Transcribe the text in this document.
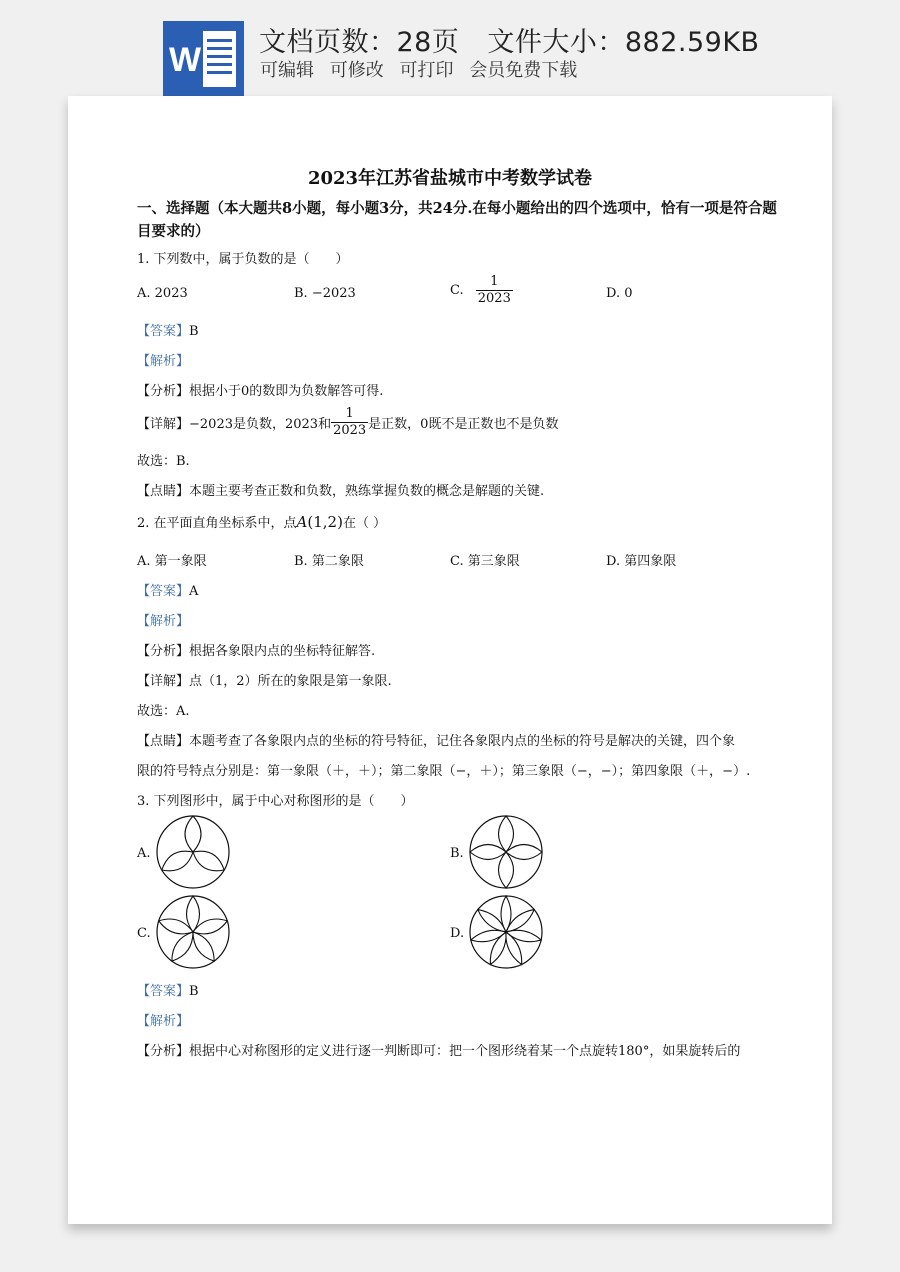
W 文档页数：28页 文件大小：882.59KB
可编辑 可修改 可打印 会员免费下载
2023年江苏省盐城市中考数学试卷
一、选择题（本大题共8小题，每小题3分，共24分.在每小题给出的四个选项中，恰有一项是符合题目要求的）
1. 下列数中，属于负数的是（　　）
A. 2023	B. −2023	C. $\frac{1}{2023}$	D. 0
【答案】B
【解析】
【分析】根据小于0的数即为负数解答可得.
【详解】−2023是负数，2023和 $\frac{1}{2023}$ 是正数，0既不是正数也不是负数
故选：B.
【点睛】本题主要考查正数和负数，熟练掌握负数的概念是解题的关键.
2. 在平面直角坐标系中，点A(1,2)在（ ）
A. 第一象限	B. 第二象限	C. 第三象限	D. 第四象限
【答案】A
【解析】
【分析】根据各象限内点的坐标特征解答.
【详解】点（1，2）所在的象限是第一象限.
故选：A.
【点睛】本题考查了各象限内点的坐标的符号特征，记住各象限内点的坐标的符号是解决的关键，四个象
限的符号特点分别是：第一象限（＋，＋）；第二象限（−，＋）；第三象限（−，−）；第四象限（＋，−）.
3. 下列图形中，属于中心对称图形的是（　　）
A.	B.
C.	D.
【答案】B
【解析】
【分析】根据中心对称图形的定义进行逐一判断即可：把一个图形绕着某一个点旋转180°，如果旋转后的
